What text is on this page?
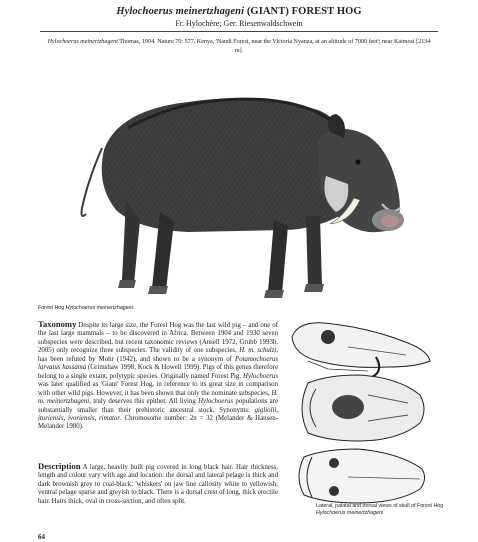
Hylochoerus meinertzhageni (GIANT) FOREST HOG
Fr. Hylochère; Ger. Riesenwaldschwein
Hylochoerus meinertzhageni Thomas, 1904. Nature 70: 577. Kenya, 'Nandi Forest, near the Victoria Nyanza, at an altitude of 7000 feet'; near Kaimosi [2134 m].
Forest Hog Hylochoerus meinertzhageni.
Taxonomy Despite its large size, the Forest Hog was the last wild pig – and one of the last large mammals – to be discovered in Africa. Between 1904 and 1930 seven subspecies were described, but recent taxonomic reviews (Ansell 1972, Grubb 1993b, 2005) only recognize three subspecies. The validity of one subspecies, H. m. schulzi, has been refuted by Mohr (1942), and shown to be a synonym of Potamochoerus larvatus hassama (Grimshaw 1998, Kock & Howell 1999). Pigs of this genus therefore belong to a single extant, polytypic species. Originally named Forest Pig, Hylochoerus was later qualified as 'Giant' Forest Hog, in reference to its great size in comparison with other wild pigs. However, it has been shown that only the nominate subspecies, H. m. meinertzhageni, truly deserves this epithet. All living Hylochoerus populations are substantially smaller than their prehistoric ancestral stock. Synonyms: gigliolii, ituriensis, ivoriensis, rimator. Chromosome number: 2n = 32 (Melander & Hansen-Melander 1980).
Description A large, heavily built pig covered in long black hair. Hair thickness, length and colour vary with age and location: the dorsal and lateral pelage is thick and dark brownish grey to coal-black; 'whiskers' on jaw line callosity white to yellowish; ventral pelage sparse and greyish to black. There is a dorsal crest of long, thick erectile hair. Hairs thick, oval in cross-section, and often split.
Lateral, palatal and dorsal views of skull of Forest Hog Hylochoerus meinertzhageni
64
